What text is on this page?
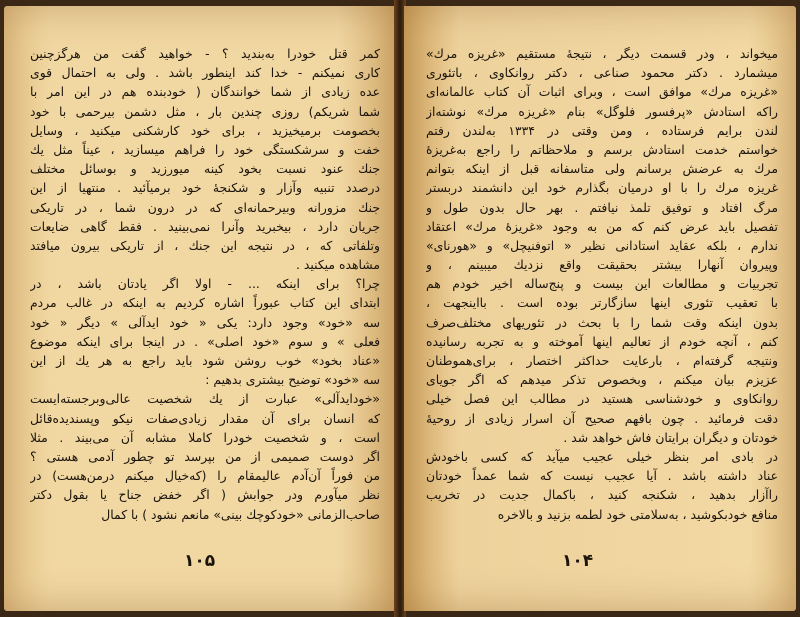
کمر قتل خودرا به‌بندید ؟ - خواهید گفت من هرگزچنین
کاری نمیکنم - خدا کند اینطور باشد . ولی به احتمال قوی
عده زیادی از شما خوانندگان ( خودبنده هم در این امر با
شما شریکم) روزی چندین بار ، مثل دشمن بیرحمی با خود
بخصومت برمیخیزید ، برای خود کارشکنی میکنید ، وسایل
خفت و سرشکستگی خود را فراهم میسازید ، عیناً مثل یك
جنك عنود نسبت بخود کینه میورزید و بوسائل مختلف
درصدد تنبیه وآزار و شکنجهٔ خود برمیآئید . منتهیا از این
جنك مزورانه وبیرحمانه‌ای که در درون شما ، در تاریکی
جریان دارد ، بیخبرید وآنرا نمی‌بینید . فقط گاهی ضایعات
وتلفاتی که ، در نتیجه این جنك ، از تاریکی بیرون میافتد
مشاهده میکنید .
چرا؟ برای اینکه ... - اولا اگر یادتان باشد ، در
ابتدای این کتاب عبوراً اشاره کردیم به اینکه در غالب مردم
سه «خود» وجود دارد: یکی « خود ایدآلی » دیگر « خود
فعلی » و سوم «خود اصلی» . در اینجا برای اینکه موضوع
«عناد بخود» خوب روشن شود باید راجع به هر یك از این
سه «خود» توضیح بیشتری بدهیم :
«خودایدآلی» عبارت از یك شخصیت عالی‌وبرجسته‌ایست
که انسان برای آن مقدار زیادی‌صفات نیکو وپسندیده‌قائل
است ، و شخصیت خودرا کاملا مشابه آن می‌بیند . مثلا
اگر دوست صمیمی از من بپرسد تو چطور آدمی هستی ؟
من فوراً آن‌آدم عالیمقام را (که‌خیال میکنم درمن‌هست) در
نظر میآورم ودر جوابش ( اگر خفض جناح یا بقول دکتر
صاحب‌الزمانی «خودکوچك بینی» مانعم نشود ) با کمال
۱۰۵
میخواند ، ودر قسمت دیگر ، نتیجهٔ مستقیم «غریزه مرك»
میشمارد . دکتر محمود صناعی ، دکتر روانکاوی ، باتئوری
«غریزه مرك» موافق است ، وبرای اثبات آن کتاب عالمانه‌ای
راکه استادش «پرفسور فلوگل» بنام «غریزه مرك» نوشته‌از
لندن برایم فرستاده ، ومن وقتی در ۱۳۳۴ به‌لندن رفتم
خواستم خدمت استادش برسم و ملاحظاتم را راجع به‌غریزهٔ
مرك به عرضش برسانم ولی متاسفانه قبل از اینکه بتوانم
غریزه مرك را با او درمیان بگذارم خود این دانشمند دربستر
مرگ افتاد و توفیق تلمذ نیافتم . بهر حال بدون طول و
تفصیل باید عرض کنم که من به وجود «غریزهٔ مرك» اعتقاد
ندارم ، بلکه عقاید استادانی نظیر « اتوفنیچل» و «هورنای»
وپیروان آنهارا بیشتر بحقیقت واقع نزدیك میبینم ، و
تجربیات و مطالعات این بیست و پنج‌ساله اخیر خودم هم
با تعقیب تئوری اینها سازگارتر بوده است . بااینجهت ،
بدون اینکه وقت شما را با بحث در تئوریهای مختلف‌صرف
کنم ، آنچه خودم از تعالیم اینها آموخته و به تجربه رسانیده
ونتیجه گرفته‌ام ، بارعایت حداکثر اختصار ، برای‌همو‌طنان
عزیزم بیان میکنم ، وبخصوص تذکر میدهم که اگر جویای
روانکاوی و خودشناسی هستید در مطالب این فصل خیلی
دقت فرمائید . چون بافهم صحیح آن اسرار زیادی از روحیهٔ
خودتان و دیگران برایتان فاش خواهد شد .
در بادی امر بنظر خیلی عجیب میآید که کسی باخودش
عناد داشته باشد . آیا عجیب نیست که شما عمداً خودتان
راآزار بدهید ، شکنجه کنید ، باکمال جدیت در تخریب
منافع خودبکوشید ، به‌سلامتی خود لطمه بزنید و بالاخره
۱۰۴
